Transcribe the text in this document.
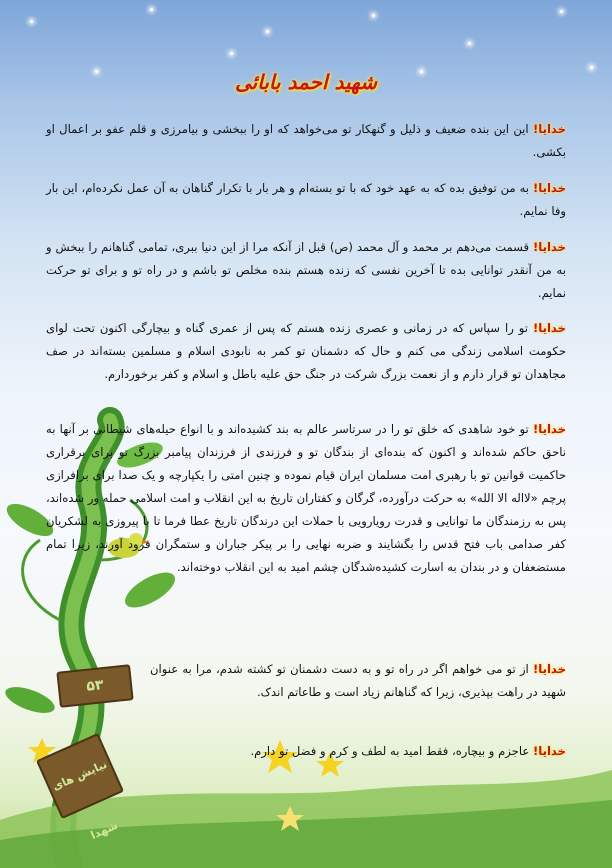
شهید احمد بابائی
خدایا! این این بنده ضعیف و ذلیل و گنهکار تو می‌خواهد که او را ببخشی و بیامرزی و قلم عفو بر اعمال او بکشی.
خدایا! به من توفیق بده که به عهد خود که با تو بسته‌ام و هر بار با تکرار گناهان به آن عمل نکرده‌ام، این بار وفا نمایم.
خدایا! قسمت می‌دهم بر محمد و آل محمد (ص) قبل از آنکه مرا از این دنیا ببری، تمامی گناهانم را ببخش و به من آنقدر توانایی بده تا آخرین نفسی که زنده هستم بنده مخلص تو باشم و در راه تو و برای تو حرکت نمایم.
خدایا! تو را سپاس که در زمانی و عصری زنده هستم که پس از عمری گناه و بیچارگی اکنون تحت لوای حکومت اسلامی زندگی می کنم و حال که دشمنان تو کمر به نابودی اسلام و مسلمین بسته‌اند در صف مجاهدان تو قرار دارم و از نعمت بزرگ شرکت در جنگ حق علیه باطل و اسلام و کفر برخوردارم.
خدایا! تو خود شاهدی که خلق تو را در سرتاسر عالم به بند کشیده‌اند و با انواع حیله‌های شیطانی بر آنها به ناحق حاکم شده‌اند و اکنون که بنده‌ای از بندگان تو و فرزندی از فرزندان پیامبر بزرگ تو برای برقراری حاکمیت قوانین تو با رهبری امت مسلمان ایران قیام نموده و چنین امتی را یکپارچه و یک صدا برای برافرازی پرچم «لااله الا الله» به حرکت درآورده، گرگان و کفتاران تاریخ به این انقلاب و امت اسلامی حمله ور شده‌اند، پس به رزمندگان ما توانایی و قدرت رویارویی با حملات این درندگان تاریخ عطا فرما تا با پیروزی به لشکریان کفر صدامی باب فتح قدس را بگشایند و ضربه نهایی را بر پیکر جباران و ستمگران فرود آورند، زیرا تمام مستضعفان و در بندان به اسارت کشیده‌شدگان چشم امید به این انقلاب دوخته‌اند.
خدایا! از تو می خواهم اگر در راه تو و به دست دشمنان تو کشته شدم، مرا به عنوان شهید در راهت بپذیری، زیرا که گناهانم زیاد است و طاعاتم اندک.
خدایا! عاجزم و بیچاره، فقط امید به لطف و کرم و فضل تو دارم.
۵۳
نیایش های شهدا
